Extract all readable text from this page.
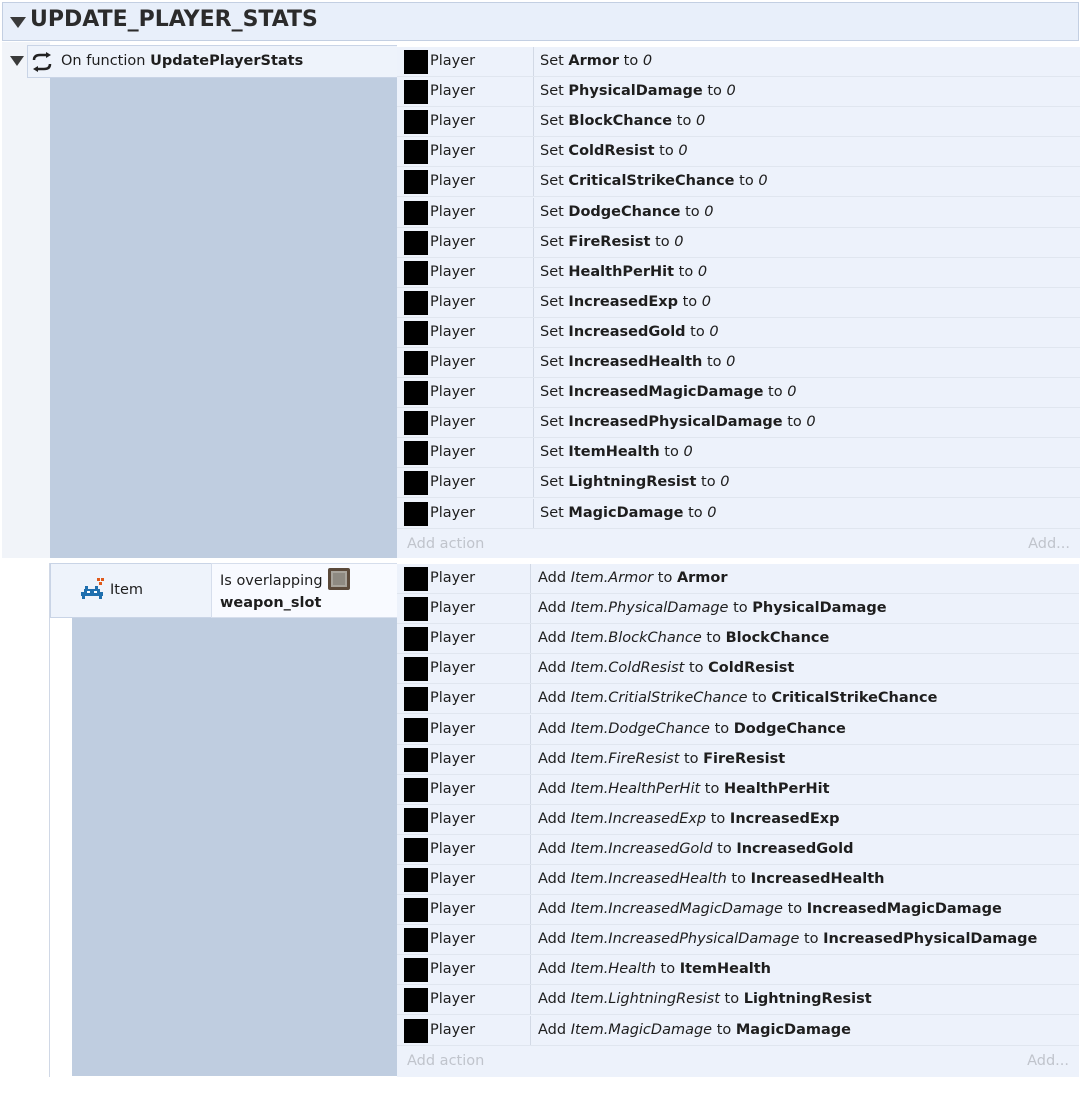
UPDATE_PLAYER_STATS
On function UpdatePlayerStats	Player	Set Armor to 0
Player	Set PhysicalDamage to 0
Player	Set BlockChance to 0
Player	Set ColdResist to 0
Player	Set CriticalStrikeChance to 0
Player	Set DodgeChance to 0
Player	Set FireResist to 0
Player	Set HealthPerHit to 0
Player	Set IncreasedExp to 0
Player	Set IncreasedGold to 0
Player	Set IncreasedHealth to 0
Player	Set IncreasedMagicDamage to 0
Player	Set IncreasedPhysicalDamage to 0
Player	Set ItemHealth to 0
Player	Set LightningResist to 0
Player	Set MagicDamage to 0
Add action	Add...
Item
Is overlapping
weapon_slot
Player	Add Item.Armor to Armor
Player	Add Item.PhysicalDamage to PhysicalDamage
Player	Add Item.BlockChance to BlockChance
Player	Add Item.ColdResist to ColdResist
Player	Add Item.CritialStrikeChance to CriticalStrikeChance
Player	Add Item.DodgeChance to DodgeChance
Player	Add Item.FireResist to FireResist
Player	Add Item.HealthPerHit to HealthPerHit
Player	Add Item.IncreasedExp to IncreasedExp
Player	Add Item.IncreasedGold to IncreasedGold
Player	Add Item.IncreasedHealth to IncreasedHealth
Player	Add Item.IncreasedMagicDamage to IncreasedMagicDamage
Player	Add Item.IncreasedPhysicalDamage to IncreasedPhysicalDamage
Player	Add Item.Health to ItemHealth
Player	Add Item.LightningResist to LightningResist
Player	Add Item.MagicDamage to MagicDamage
Add action	Add...
